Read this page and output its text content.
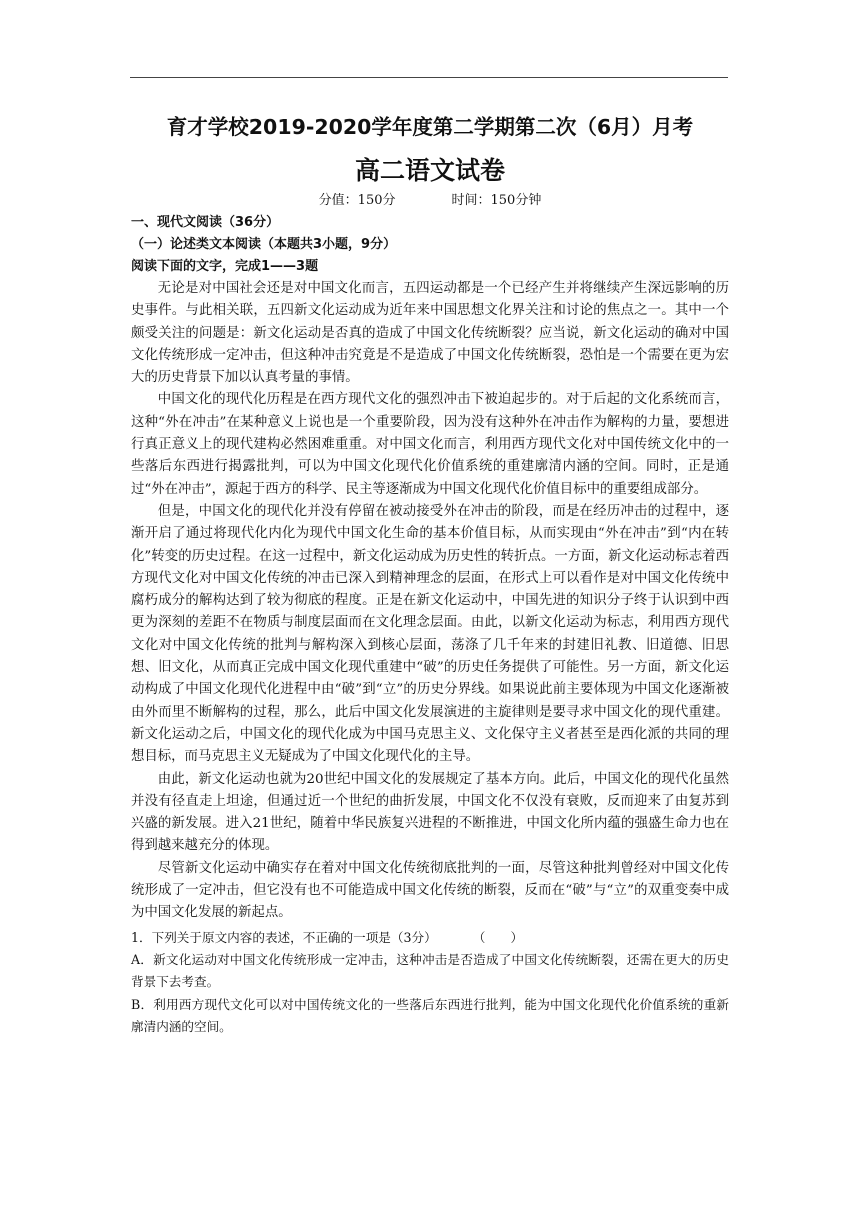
育才学校2019-2020学年度第二学期第二次（6月）月考

高二语文试卷

分值：150分	时间：150分钟

一、现代文阅读（36分）

（一）论述类文本阅读（本题共3小题，9分）

阅读下面的文字，完成1——3题

无论是对中国社会还是对中国文化而言，五四运动都是一个已经产生并将继续产生深远影响的历史事件。与此相关联，五四新文化运动成为近年来中国思想文化界关注和讨论的焦点之一。其中一个颇受关注的问题是：新文化运动是否真的造成了中国文化传统断裂？应当说，新文化运动的确对中国文化传统形成一定冲击，但这种冲击究竟是不是造成了中国文化传统断裂，恐怕是一个需要在更为宏大的历史背景下加以认真考量的事情。

中国文化的现代化历程是在西方现代文化的强烈冲击下被迫起步的。对于后起的文化系统而言，这种“外在冲击”在某种意义上说也是一个重要阶段，因为没有这种外在冲击作为解构的力量，要想进行真正意义上的现代建构必然困难重重。对中国文化而言，利用西方现代文化对中国传统文化中的一些落后东西进行揭露批判，可以为中国文化现代化价值系统的重建廓清内涵的空间。同时，正是通过“外在冲击”，源起于西方的科学、民主等逐渐成为中国文化现代化价值目标中的重要组成部分。

但是，中国文化的现代化并没有停留在被动接受外在冲击的阶段，而是在经历冲击的过程中，逐渐开启了通过将现代化内化为现代中国文化生命的基本价值目标，从而实现由“外在冲击”到“内在转化”转变的历史过程。在这一过程中，新文化运动成为历史性的转折点。一方面，新文化运动标志着西方现代文化对中国文化传统的冲击已深入到精神理念的层面，在形式上可以看作是对中国文化传统中腐朽成分的解构达到了较为彻底的程度。正是在新文化运动中，中国先进的知识分子终于认识到中西更为深刻的差距不在物质与制度层面而在文化理念层面。由此，以新文化运动为标志，利用西方现代文化对中国文化传统的批判与解构深入到核心层面，荡涤了几千年来的封建旧礼教、旧道德、旧思想、旧文化，从而真正完成中国文化现代重建中“破”的历史任务提供了可能性。另一方面，新文化运动构成了中国文化现代化进程中由“破”到“立”的历史分界线。如果说此前主要体现为中国文化逐渐被由外而里不断解构的过程，那么，此后中国文化发展演进的主旋律则是要寻求中国文化的现代重建。新文化运动之后，中国文化的现代化成为中国马克思主义、文化保守主义者甚至是西化派的共同的理想目标，而马克思主义无疑成为了中国文化现代化的主导。

由此，新文化运动也就为20世纪中国文化的发展规定了基本方向。此后，中国文化的现代化虽然并没有径直走上坦途，但通过近一个世纪的曲折发展，中国文化不仅没有衰败，反而迎来了由复苏到兴盛的新发展。进入21世纪，随着中华民族复兴进程的不断推进，中国文化所内蕴的强盛生命力也在得到越来越充分的体现。

尽管新文化运动中确实存在着对中国文化传统彻底批判的一面，尽管这种批判曾经对中国文化传统形成了一定冲击，但它没有也不可能造成中国文化传统的断裂，反而在“破”与“立”的双重变奏中成为中国文化发展的新起点。

1．下列关于原文内容的表述，不正确的一项是（3分）	（　　）

A．新文化运动对中国文化传统形成一定冲击，这种冲击是否造成了中国文化传统断裂，还需在更大的历史背景下去考查。

B．利用西方现代文化可以对中国传统文化的一些落后东西进行批判，能为中国文化现代化价值系统的重新廓清内涵的空间。
